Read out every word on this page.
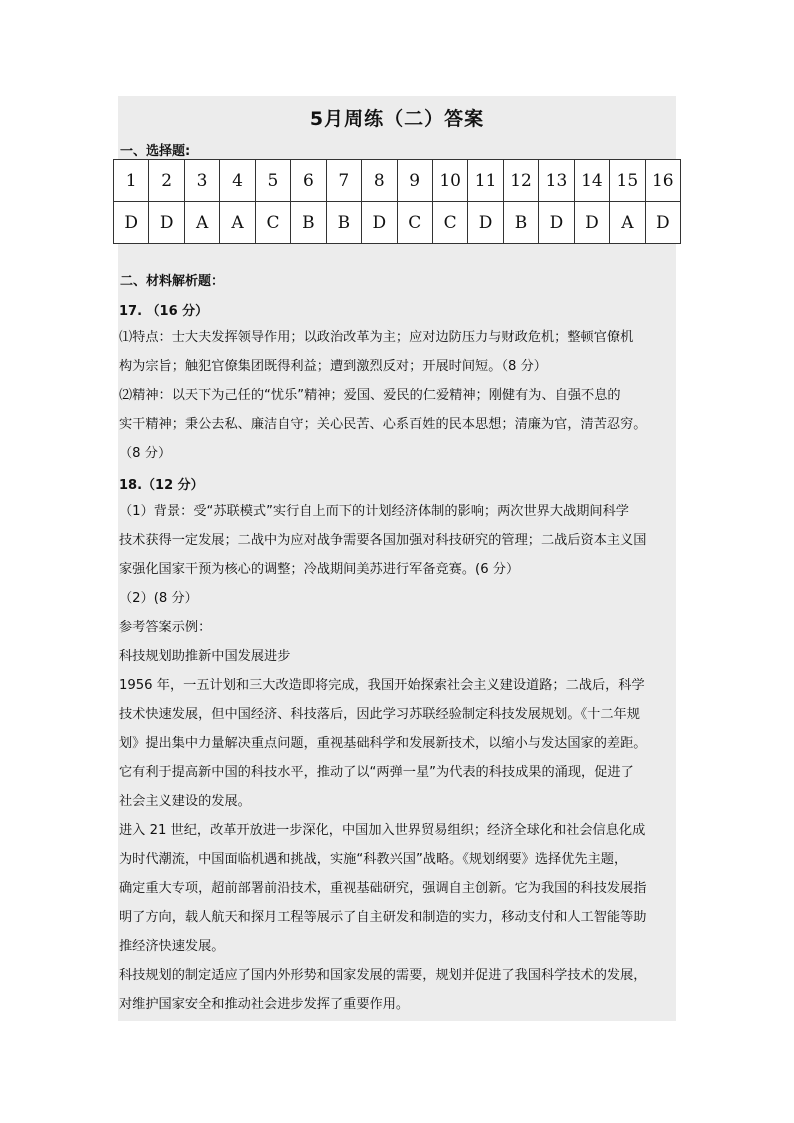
5月周练（二）答案
一、选择题:
1	2	3	4	5	6	7	8	9	10	11	12	13	14	15	16
D	D	A	A	C	B	B	D	C	C	D	B	D	D	A	D
二、材料解析题：
17. （16 分）
⑴特点：士大夫发挥领导作用；以政治改革为主；应对边防压力与财政危机；整顿官僚机
构为宗旨；触犯官僚集团既得利益；遭到激烈反对；开展时间短。（8 分）
⑵精神：以天下为己任的“忧乐”精神；爱国、爱民的仁爱精神；刚健有为、自强不息的
实干精神；秉公去私、廉洁自守；关心民苦、心系百姓的民本思想；清廉为官，清苦忍穷。
（8 分）
18.（12 分）
（1）背景：受“苏联模式”实行自上而下的计划经济体制的影响；两次世界大战期间科学
技术获得一定发展；二战中为应对战争需要各国加强对科技研究的管理；二战后资本主义国
家强化国家干预为核心的调整；冷战期间美苏进行军备竞赛。(6 分）
（2）(8 分）
参考答案示例：
科技规划助推新中国发展进步
1956 年，一五计划和三大改造即将完成，我国开始探索社会主义建设道路；二战后，科学
技术快速发展，但中国经济、科技落后，因此学习苏联经验制定科技发展规划。《十二年规
划》提出集中力量解决重点问题，重视基础科学和发展新技术，以缩小与发达国家的差距。
它有利于提高新中国的科技水平，推动了以“两弹一星”为代表的科技成果的涌现，促进了
社会主义建设的发展。
进入 21 世纪，改革开放进一步深化，中国加入世界贸易组织；经济全球化和社会信息化成
为时代潮流，中国面临机遇和挑战，实施“科教兴国”战略。《规划纲要》选择优先主题，
确定重大专项，超前部署前沿技术，重视基础研究，强调自主创新。它为我国的科技发展指
明了方向，载人航天和探月工程等展示了自主研发和制造的实力，移动支付和人工智能等助
推经济快速发展。
科技规划的制定适应了国内外形势和国家发展的需要，规划并促进了我国科学技术的发展，
对维护国家安全和推动社会进步发挥了重要作用。
